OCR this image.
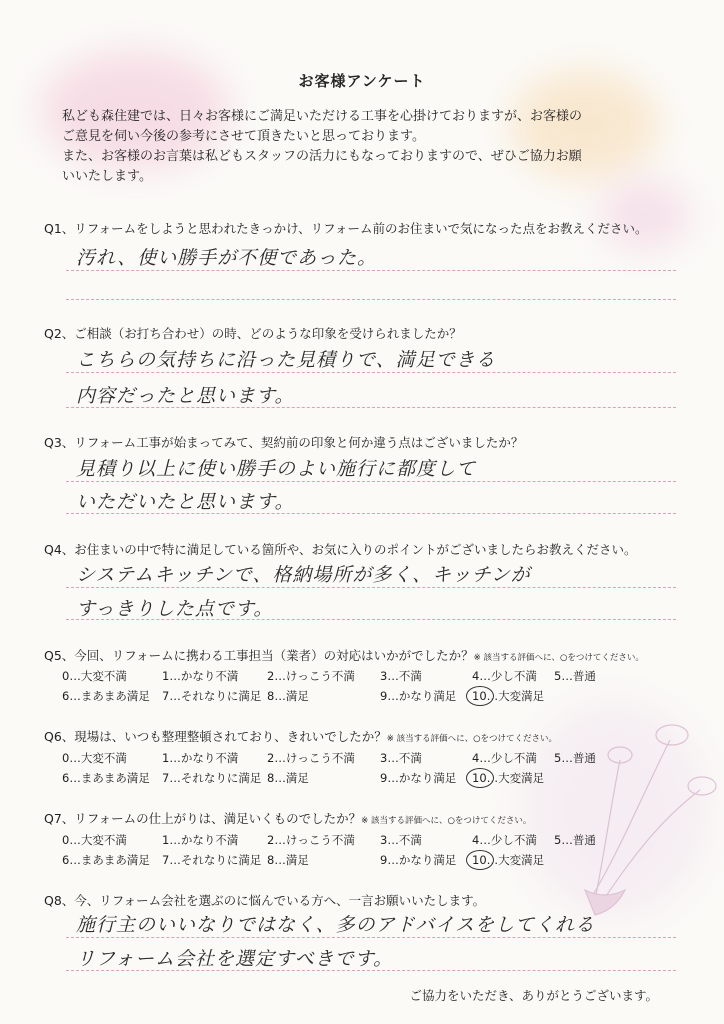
お客様アンケート

私ども森住建では、日々お客様にご満足いただける工事を心掛けておりますが、お客様の

ご意見を伺い今後の参考にさせて頂きたいと思っております。

また、お客様のお言葉は私どもスタッフの活力にもなっておりますので、ぜひご協力お願

いいたします。

Q1、リフォームをしようと思われたきっかけ、リフォーム前のお住まいで気になった点をお教えください。
汚れ、使い勝手が不便であった。
Q2、ご相談（お打ち合わせ）の時、どのような印象を受けられましたか？
こちらの気持ちに沿った見積りで、満足できる
内容だったと思います。
Q3、リフォーム工事が始まってみて、契約前の印象と何か違う点はございましたか？
見積り以上に使い勝手のよい施行に都度して
いただいたと思います。
Q4、お住まいの中で特に満足している箇所や、お気に入りのポイントがございましたらお教えください。
システムキッチンで、格納場所が多く、キッチンが
すっきりした点です。
Q5、今回、リフォームに携わる工事担当（業者）の対応はいかがでしたか？※ 該当する評価へに、○をつけてください。
0…大変不満	1…かなり不満 2…けっこう不満 3…不満	4…少し不満 5…普通
6…まあまあ満足 7…それなりに満足 8…満足	9…かなり満足 10…大変満足
Q6、現場は、いつも整理整頓されており、きれいでしたか？※ 該当する評価へに、○をつけてください。
0…大変不満	1…かなり不満 2…けっこう不満 3…不満	4…少し不満 5…普通
6…まあまあ満足 7…それなりに満足 8…満足	9…かなり満足 10…大変満足
Q7、リフォームの仕上がりは、満足いくものでしたか？※ 該当する評価へに、○をつけてください。
0…大変不満	1…かなり不満 2…けっこう不満 3…不満	4…少し不満 5…普通
6…まあまあ満足 7…それなりに満足 8…満足	9…かなり満足 10…大変満足
Q8、今、リフォーム会社を選ぶのに悩んでいる方へ、一言お願いいたします。
施行主のいいなりではなく、多のアドバイスをしてくれる
リフォーム会社を選定すべきです。
ご協力をいただき、ありがとうございます。
